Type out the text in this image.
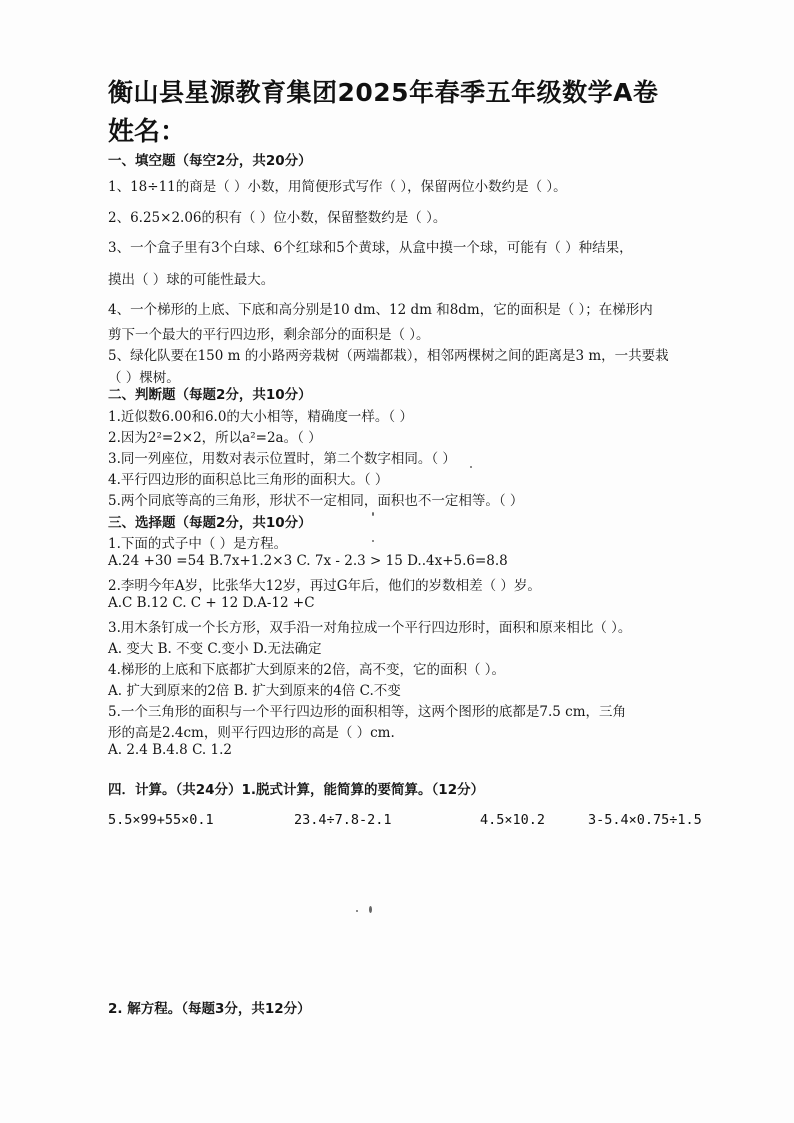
衡山县星源教育集团2025年春季五年级数学A卷
姓名：
一、填空题（每空2分，共20分）
1、18÷11的商是（ ）小数，用简便形式写作（ ），保留两位小数约是（ ）。
2、6.25×2.06的积有（ ）位小数，保留整数约是（ ）。
3、一个盒子里有3个白球、6个红球和5个黄球，从盒中摸一个球，可能有（ ）种结果，
摸出（ ）球的可能性最大。
4、一个梯形的上底、下底和高分别是10 dm、12 dm 和8dm，它的面积是（ ）；在梯形内
剪下一个最大的平行四边形，剩余部分的面积是（ ）。
5、绿化队要在150 m 的小路两旁栽树（两端都栽），相邻两棵树之间的距离是3 m，一共要栽
（ ）棵树。
二、判断题（每题2分，共10分）
1.近似数6.00和6.0的大小相等，精确度一样。（ ）
2.因为2²=2×2，所以a²=2a。（ ）
3.同一列座位，用数对表示位置时，第二个数字相同。（ ）
4.平行四边形的面积总比三角形的面积大。（ ）
5.两个同底等高的三角形，形状不一定相同，面积也不一定相等。（ ）
三、选择题（每题2分，共10分）
1.下面的式子中（ ）是方程。
A.24 +30 =54 B.7x+1.2×3 C. 7x - 2.3 > 15 D..4x+5.6=8.8
2.李明今年A岁，比张华大12岁，再过G年后，他们的岁数相差（ ）岁。
A.C B.12 C. C + 12 D.A-12 +C
3.用木条钉成一个长方形，双手沿一对角拉成一个平行四边形时，面积和原来相比（ ）。
A. 变大 B. 不变 C.变小 D.无法确定
4.梯形的上底和下底都扩大到原来的2倍，高不变，它的面积（ ）。
A. 扩大到原来的2倍 B. 扩大到原来的4倍 C.不变
5.一个三角形的面积与一个平行四边形的面积相等，这两个图形的底都是7.5 cm，三角
形的高是2.4cm，则平行四边形的高是（ ）cm.
A. 2.4 B.4.8 C. 1.2
四．计算。（共24分）1.脱式计算，能简算的要简算。（12分）
5.5×99+55×0.1	23.4÷7.8-2.1	4.5×10.2	3-5.4×0.75÷1.5
2. 解方程。（每题3分，共12分）
